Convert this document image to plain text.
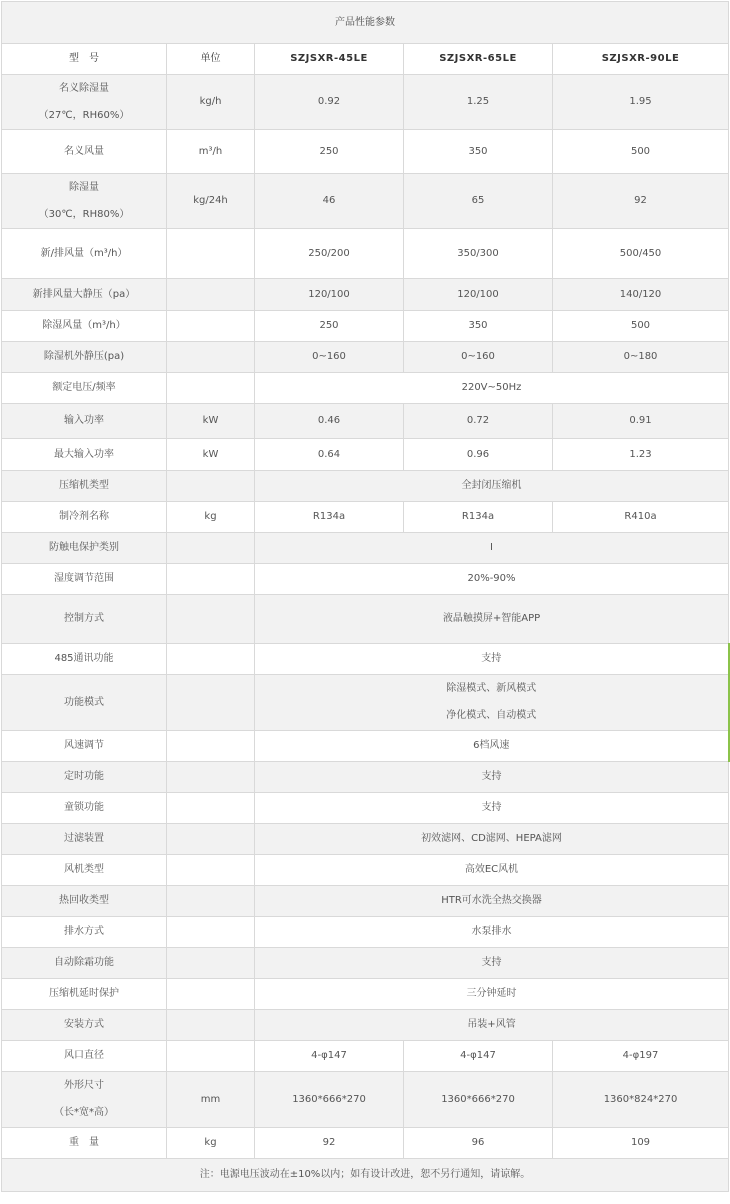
产品性能参数				
型　号	单位	SZJSXR-45LE	SZJSXR-65LE	SZJSXR-90LE

名义除湿量
（27℃，RH60%）	kg/h	0.92	1.25	1.95
名义风量	m³/h	250	350	500

除湿量
（30℃，RH80%）	kg/24h	46	65	92
新/排风量（m³/h）		250/200	350/300	500/450
新排风量大静压（pa）		120/100	120/100	140/120
除湿风量（m³/h）		250	350	500
除湿机外静压(pa)		0~160	0~160	0~180
额定电压/频率		220V~50Hz		
输入功率	kW	0.46	0.72	0.91
最大输入功率	kW	0.64	0.96	1.23
压缩机类型		全封闭压缩机		
制冷剂名称	kg	R134a	R134a	R410a
防触电保护类别		I		
湿度调节范围		20%-90%		
控制方式		液晶触摸屏+智能APP		
485通讯功能		支持		
功能模式		除湿模式、新风模式
净化模式、自动模式		

风速调节		6档风速		
定时功能		支持		
童锁功能		支持		
过滤装置		初效滤网、CD滤网、HEPA滤网		
风机类型		高效EC风机		
热回收类型		HTR可水洗全热交换器		
排水方式		水泵排水		
自动除霜功能		支持		
压缩机延时保护		三分钟延时		
安装方式		吊装+风管		
风口直径		4-φ147	4-φ147	4-φ197

外形尺寸
（长*宽*高）	mm	1360*666*270	1360*666*270	1360*824*270
重　量	kg	92	96	109
注：电源电压波动在±10%以内；如有设计改进，恕不另行通知，请谅解。				
